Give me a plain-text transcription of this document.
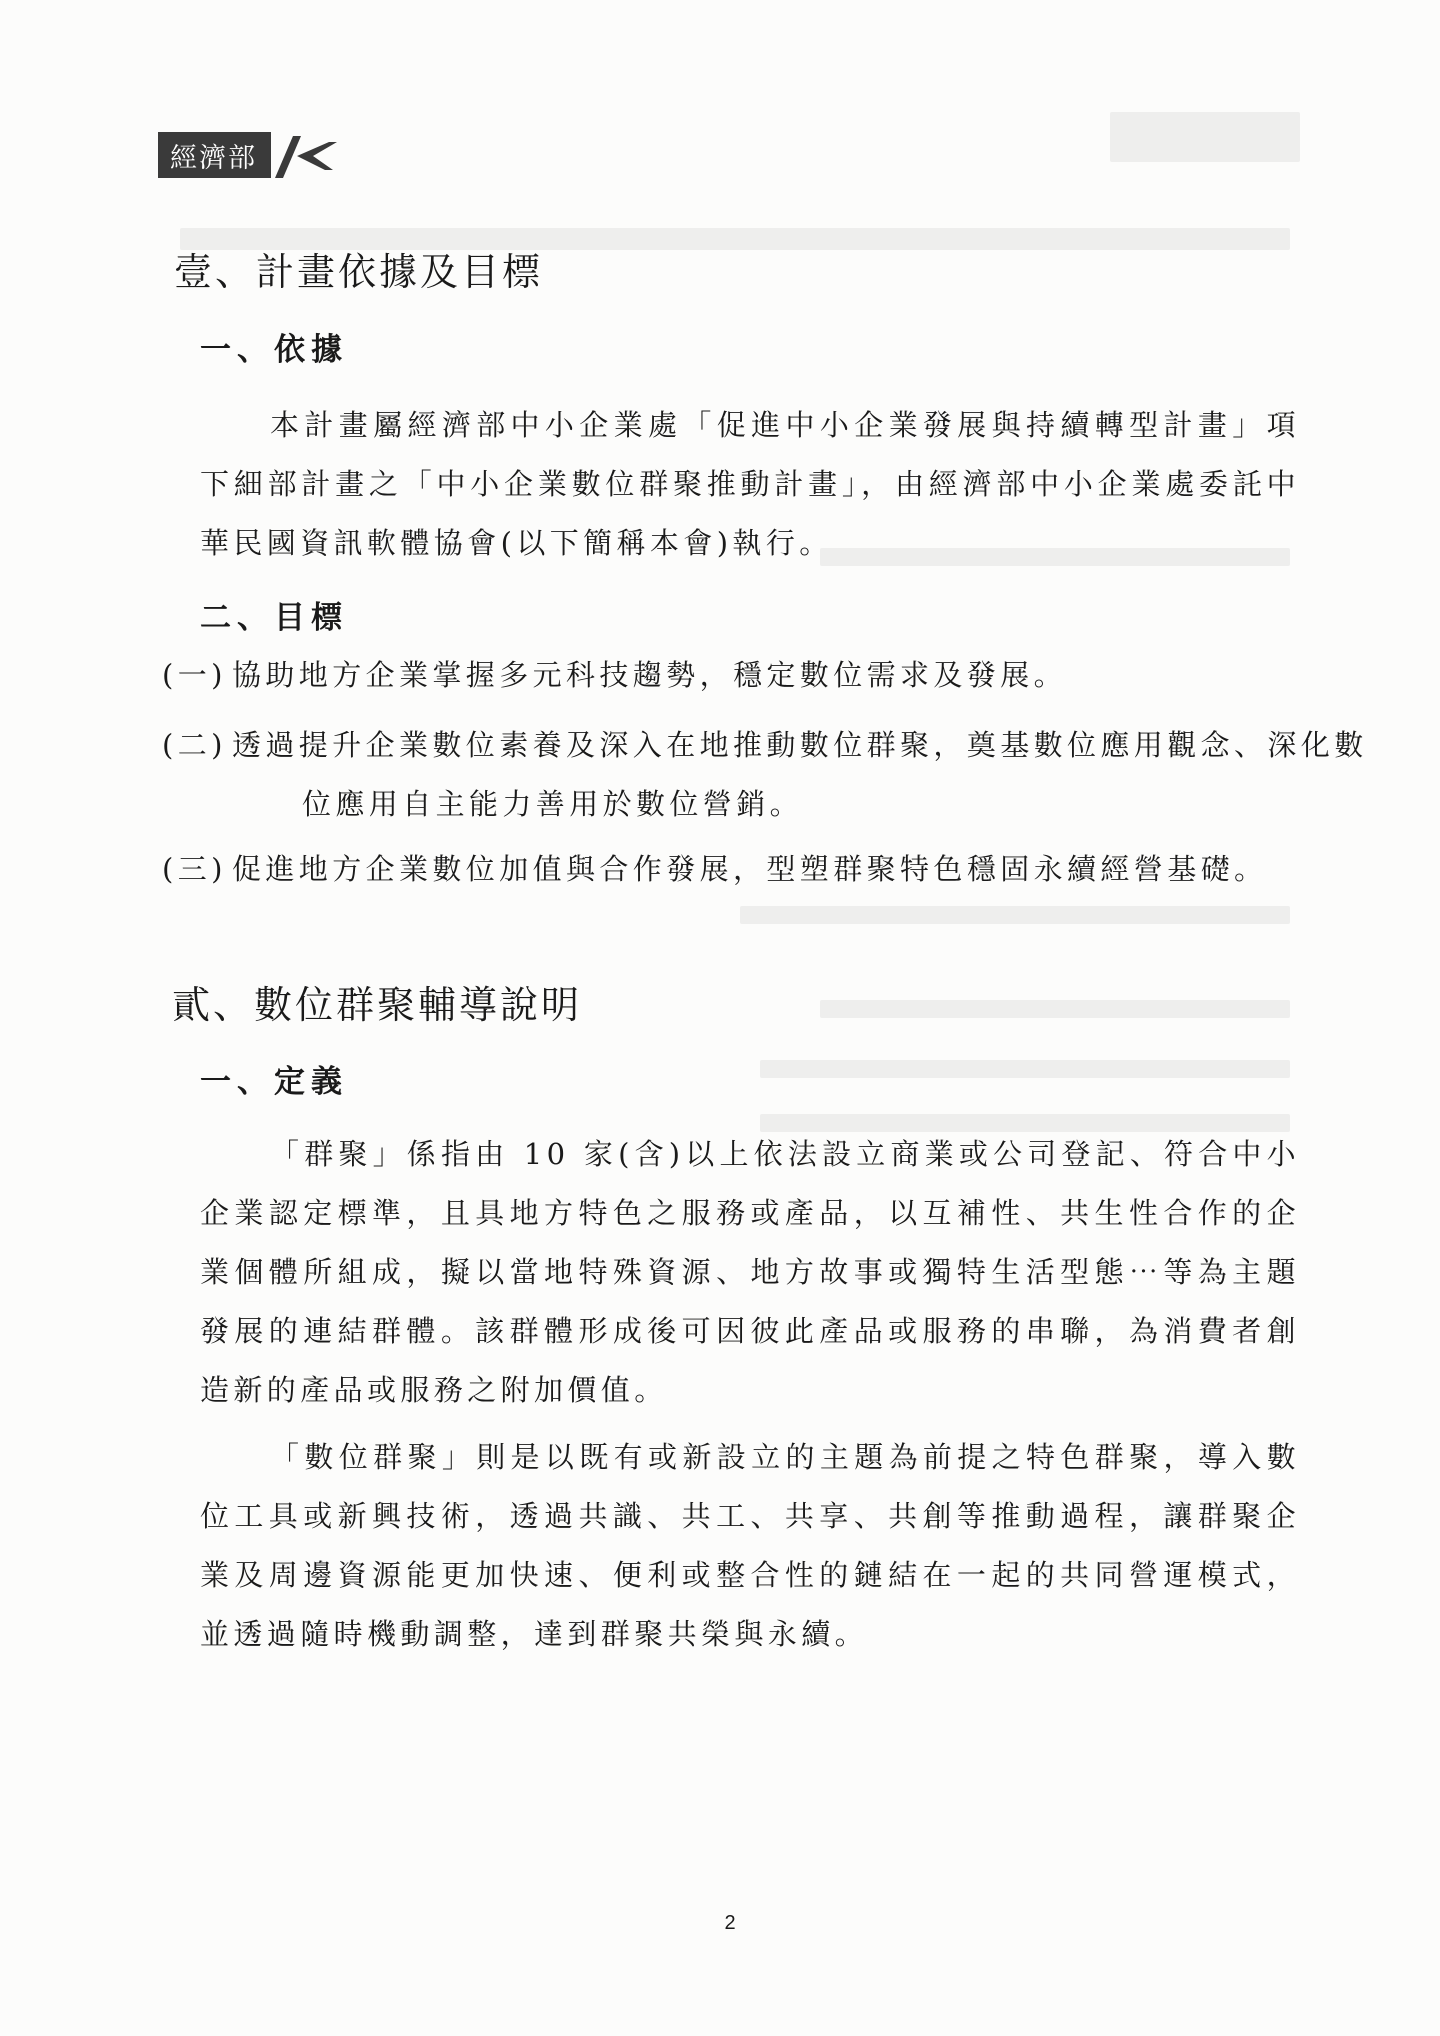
經濟部
壹、計畫依據及目標
一、依據

本計畫屬經濟部中小企業處「促進中小企業發展與持續轉型計畫」項下細部計畫之「中小企業數位群聚推動計畫」，由經濟部中小企業處委託中華民國資訊軟體協會(以下簡稱本會)執行。

二、目標

(一) 協助地方企業掌握多元科技趨勢，穩定數位需求及發展。

(二) 透過提升企業數位素養及深入在地推動數位群聚，奠基數位應用觀念、深化數位應用自主能力善用於數位營銷。

(三) 促進地方企業數位加值與合作發展，型塑群聚特色穩固永續經營基礎。

貳、數位群聚輔導說明
一、定義

「群聚」係指由 10 家(含)以上依法設立商業或公司登記、符合中小企業認定標準，且具地方特色之服務或產品，以互補性、共生性合作的企業個體所組成，擬以當地特殊資源、地方故事或獨特生活型態⋯等為主題發展的連結群體。該群體形成後可因彼此產品或服務的串聯，為消費者創造新的產品或服務之附加價值。

「數位群聚」則是以既有或新設立的主題為前提之特色群聚，導入數位工具或新興技術，透過共識、共工、共享、共創等推動過程，讓群聚企業及周邊資源能更加快速、便利或整合性的鏈結在一起的共同營運模式，並透過隨時機動調整，達到群聚共榮與永續。

2
